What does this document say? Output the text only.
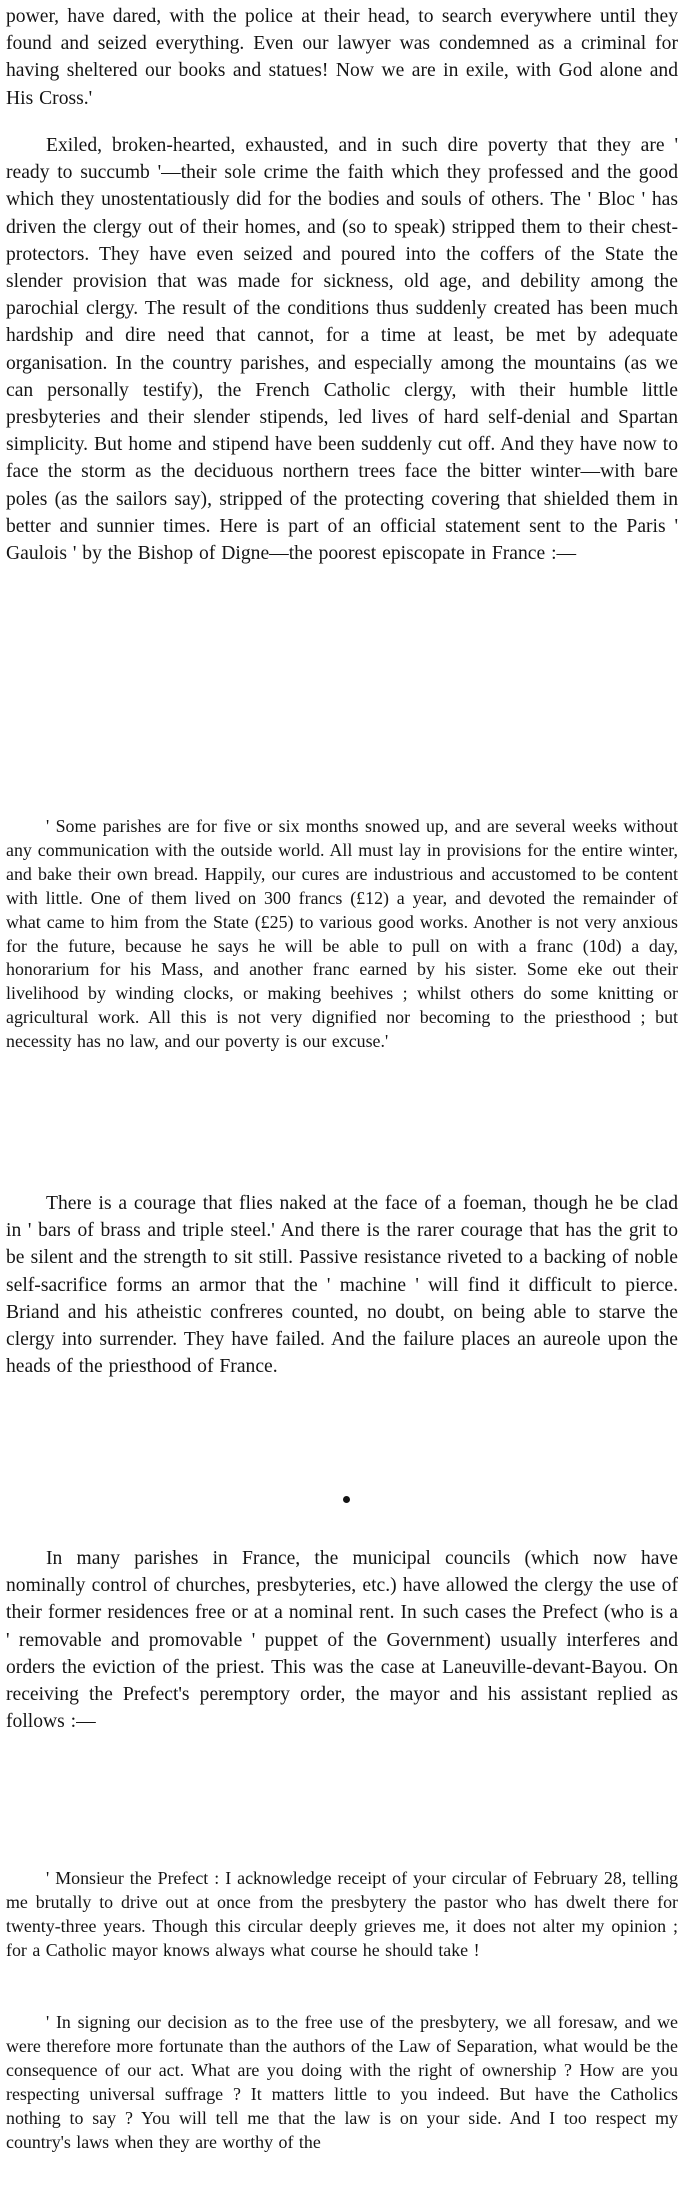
power, have dared, with the police at their head, to search everywhere until they found and seized everything. Even our lawyer was condemned as a criminal for having sheltered our books and statues! Now we are in exile, with God alone and His Cross.'

Exiled, broken-hearted, exhausted, and in such dire poverty that they are ' ready to succumb '—their sole crime the faith which they professed and the good which they unostentatiously did for the bodies and souls of others. The ' Bloc ' has driven the clergy out of their homes, and (so to speak) stripped them to their chest-protectors. They have even seized and poured into the coffers of the State the slender provision that was made for sickness, old age, and debility among the parochial clergy. The result of the conditions thus suddenly created has been much hardship and dire need that cannot, for a time at least, be met by adequate organisation. In the country parishes, and especially among the mountains (as we can personally testify), the French Catholic clergy, with their humble little presbyteries and their slender stipends, led lives of hard self-denial and Spartan simplicity. But home and stipend have been suddenly cut off. And they have now to face the storm as the deciduous northern trees face the bitter winter—with bare poles (as the sailors say), stripped of the protecting covering that shielded them in better and sunnier times. Here is part of an official statement sent to the Paris ' Gaulois ' by the Bishop of Digne—the poorest episcopate in France :—

' Some parishes are for five or six months snowed up, and are several weeks without any communication with the outside world. All must lay in provisions for the entire winter, and bake their own bread. Happily, our cures are industrious and accustomed to be content with little. One of them lived on 300 francs (£12) a year, and devoted the remainder of what came to him from the State (£25) to various good works. Another is not very anxious for the future, because he says he will be able to pull on with a franc (10d) a day, honorarium for his Mass, and another franc earned by his sister. Some eke out their livelihood by winding clocks, or making beehives ; whilst others do some knitting or agricultural work. All this is not very dignified nor becoming to the priesthood ; but necessity has no law, and our poverty is our excuse.'

There is a courage that flies naked at the face of a foeman, though he be clad in ' bars of brass and triple steel.' And there is the rarer courage that has the grit to be silent and the strength to sit still. Passive resistance riveted to a backing of noble self-sacrifice forms an armor that the ' machine ' will find it difficult to pierce. Briand and his atheistic confreres counted, no doubt, on being able to starve the clergy into surrender. They have failed. And the failure places an aureole upon the heads of the priesthood of France.

In many parishes in France, the municipal councils (which now have nominally control of churches, presbyteries, etc.) have allowed the clergy the use of their former residences free or at a nominal rent. In such cases the Prefect (who is a ' removable and promovable ' puppet of the Government) usually interferes and orders the eviction of the priest. This was the case at Laneuville-devant-Bayou. On receiving the Prefect's peremptory order, the mayor and his assistant replied as follows :—

' Monsieur the Prefect : I acknowledge receipt of your circular of February 28, telling me brutally to drive out at once from the presbytery the pastor who has dwelt there for twenty-three years. Though this circular deeply grieves me, it does not alter my opinion ; for a Catholic mayor knows always what course he should take !

' In signing our decision as to the free use of the presbytery, we all foresaw, and we were therefore more fortunate than the authors of the Law of Separation, what would be the consequence of our act. What are you doing with the right of ownership ? How are you respecting universal suffrage ? It matters little to you indeed. But have the Catholics nothing to say ? You will tell me that the law is on your side. And I too respect my country's laws when they are worthy of the
